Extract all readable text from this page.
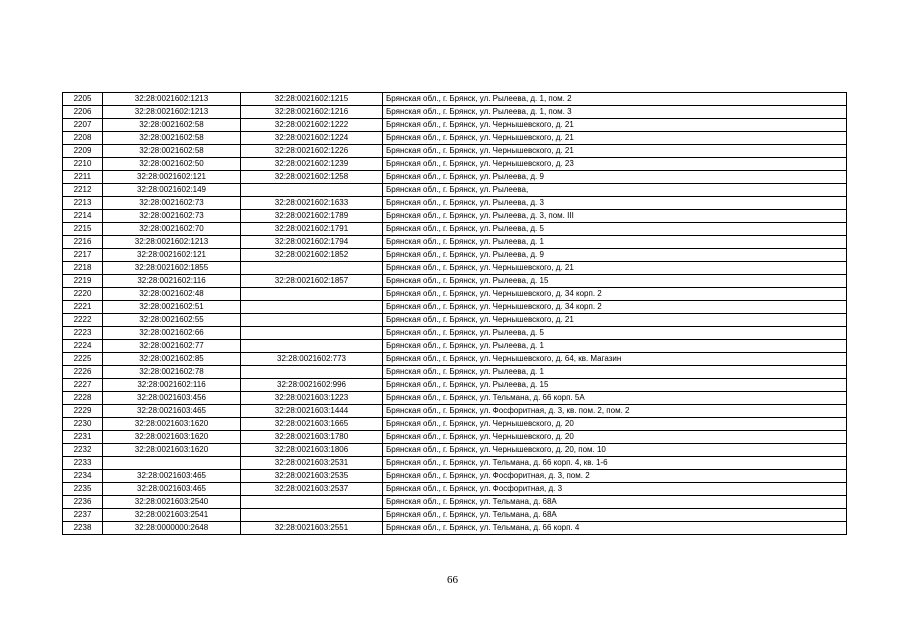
2205	32:28:0021602:1213	32:28:0021602:1215	Брянская обл., г. Брянск, ул. Рылеева, д. 1, пом. 2
2206	32:28:0021602:1213	32:28:0021602:1216	Брянская обл., г. Брянск, ул. Рылеева, д. 1, пом. 3
2207	32:28:0021602:58	32:28:0021602:1222	Брянская обл., г. Брянск, ул. Чернышевского, д. 21
2208	32:28:0021602:58	32:28:0021602:1224	Брянская обл., г. Брянск, ул. Чернышевского, д. 21
2209	32:28:0021602:58	32:28:0021602:1226	Брянская обл., г. Брянск, ул. Чернышевского, д. 21
2210	32:28:0021602:50	32:28:0021602:1239	Брянская обл., г. Брянск, ул. Чернышевского, д. 23
2211	32:28:0021602:121	32:28:0021602:1258	Брянская обл., г. Брянск, ул. Рылеева, д. 9
2212	32:28:0021602:149		Брянская обл., г. Брянск, ул. Рылеева,
2213	32:28:0021602:73	32:28:0021602:1633	Брянская обл., г. Брянск, ул. Рылеева, д. 3
2214	32:28:0021602:73	32:28:0021602:1789	Брянская обл., г. Брянск, ул. Рылеева, д. 3, пом. III
2215	32:28:0021602:70	32:28:0021602:1791	Брянская обл., г. Брянск, ул. Рылеева, д. 5
2216	32:28:0021602:1213	32:28:0021602:1794	Брянская обл., г. Брянск, ул. Рылеева, д. 1
2217	32:28:0021602:121	32:28:0021602:1852	Брянская обл., г. Брянск, ул. Рылеева, д. 9
2218	32:28:0021602:1855		Брянская обл., г. Брянск, ул. Чернышевского, д. 21
2219	32:28:0021602:116	32:28:0021602:1857	Брянская обл., г. Брянск, ул. Рылеева, д. 15
2220	32:28:0021602:48		Брянская обл., г. Брянск, ул. Чернышевского, д. 34 корп. 2
2221	32:28:0021602:51		Брянская обл., г. Брянск, ул. Чернышевского, д. 34 корп. 2
2222	32:28:0021602:55		Брянская обл., г. Брянск, ул. Чернышевского, д. 21
2223	32:28:0021602:66		Брянская обл., г. Брянск, ул. Рылеева, д. 5
2224	32:28:0021602:77		Брянская обл., г. Брянск, ул. Рылеева, д. 1
2225	32:28:0021602:85	32:28:0021602:773	Брянская обл., г. Брянск, ул. Чернышевского, д. 64, кв. Магазин
2226	32:28:0021602:78		Брянская обл., г. Брянск, ул. Рылеева, д. 1
2227	32:28:0021602:116	32:28:0021602:996	Брянская обл., г. Брянск, ул. Рылеева, д. 15
2228	32:28:0021603:456	32:28:0021603:1223	Брянская обл., г. Брянск, ул. Тельмана, д. 66 корп. 5А
2229	32:28:0021603:465	32:28:0021603:1444	Брянская обл., г. Брянск, ул. Фосфоритная, д. 3, кв. пом. 2, пом. 2
2230	32:28:0021603:1620	32:28:0021603:1665	Брянская обл., г. Брянск, ул. Чернышевского, д. 20
2231	32:28:0021603:1620	32:28:0021603:1780	Брянская обл., г. Брянск, ул. Чернышевского, д. 20
2232	32:28:0021603:1620	32:28:0021603:1806	Брянская обл., г. Брянск, ул. Чернышевского, д. 20, пом. 10
2233		32:28:0021603:2531	Брянская обл., г. Брянск, ул. Тельмана, д. 66 корп. 4, кв. 1-6
2234	32:28:0021603:465	32:28:0021603:2535	Брянская обл., г. Брянск, ул. Фосфоритная, д. 3, пом. 2
2235	32:28:0021603:465	32:28:0021603:2537	Брянская обл., г. Брянск, ул. Фосфоритная, д. 3
2236	32:28:0021603:2540		Брянская обл., г. Брянск, ул. Тельмана, д. 68А
2237	32:28:0021603:2541		Брянская обл., г. Брянск, ул. Тельмана, д. 68А
2238	32:28:0000000:2648	32:28:0021603:2551	Брянская обл., г. Брянск, ул. Тельмана, д. 66 корп. 4
66
